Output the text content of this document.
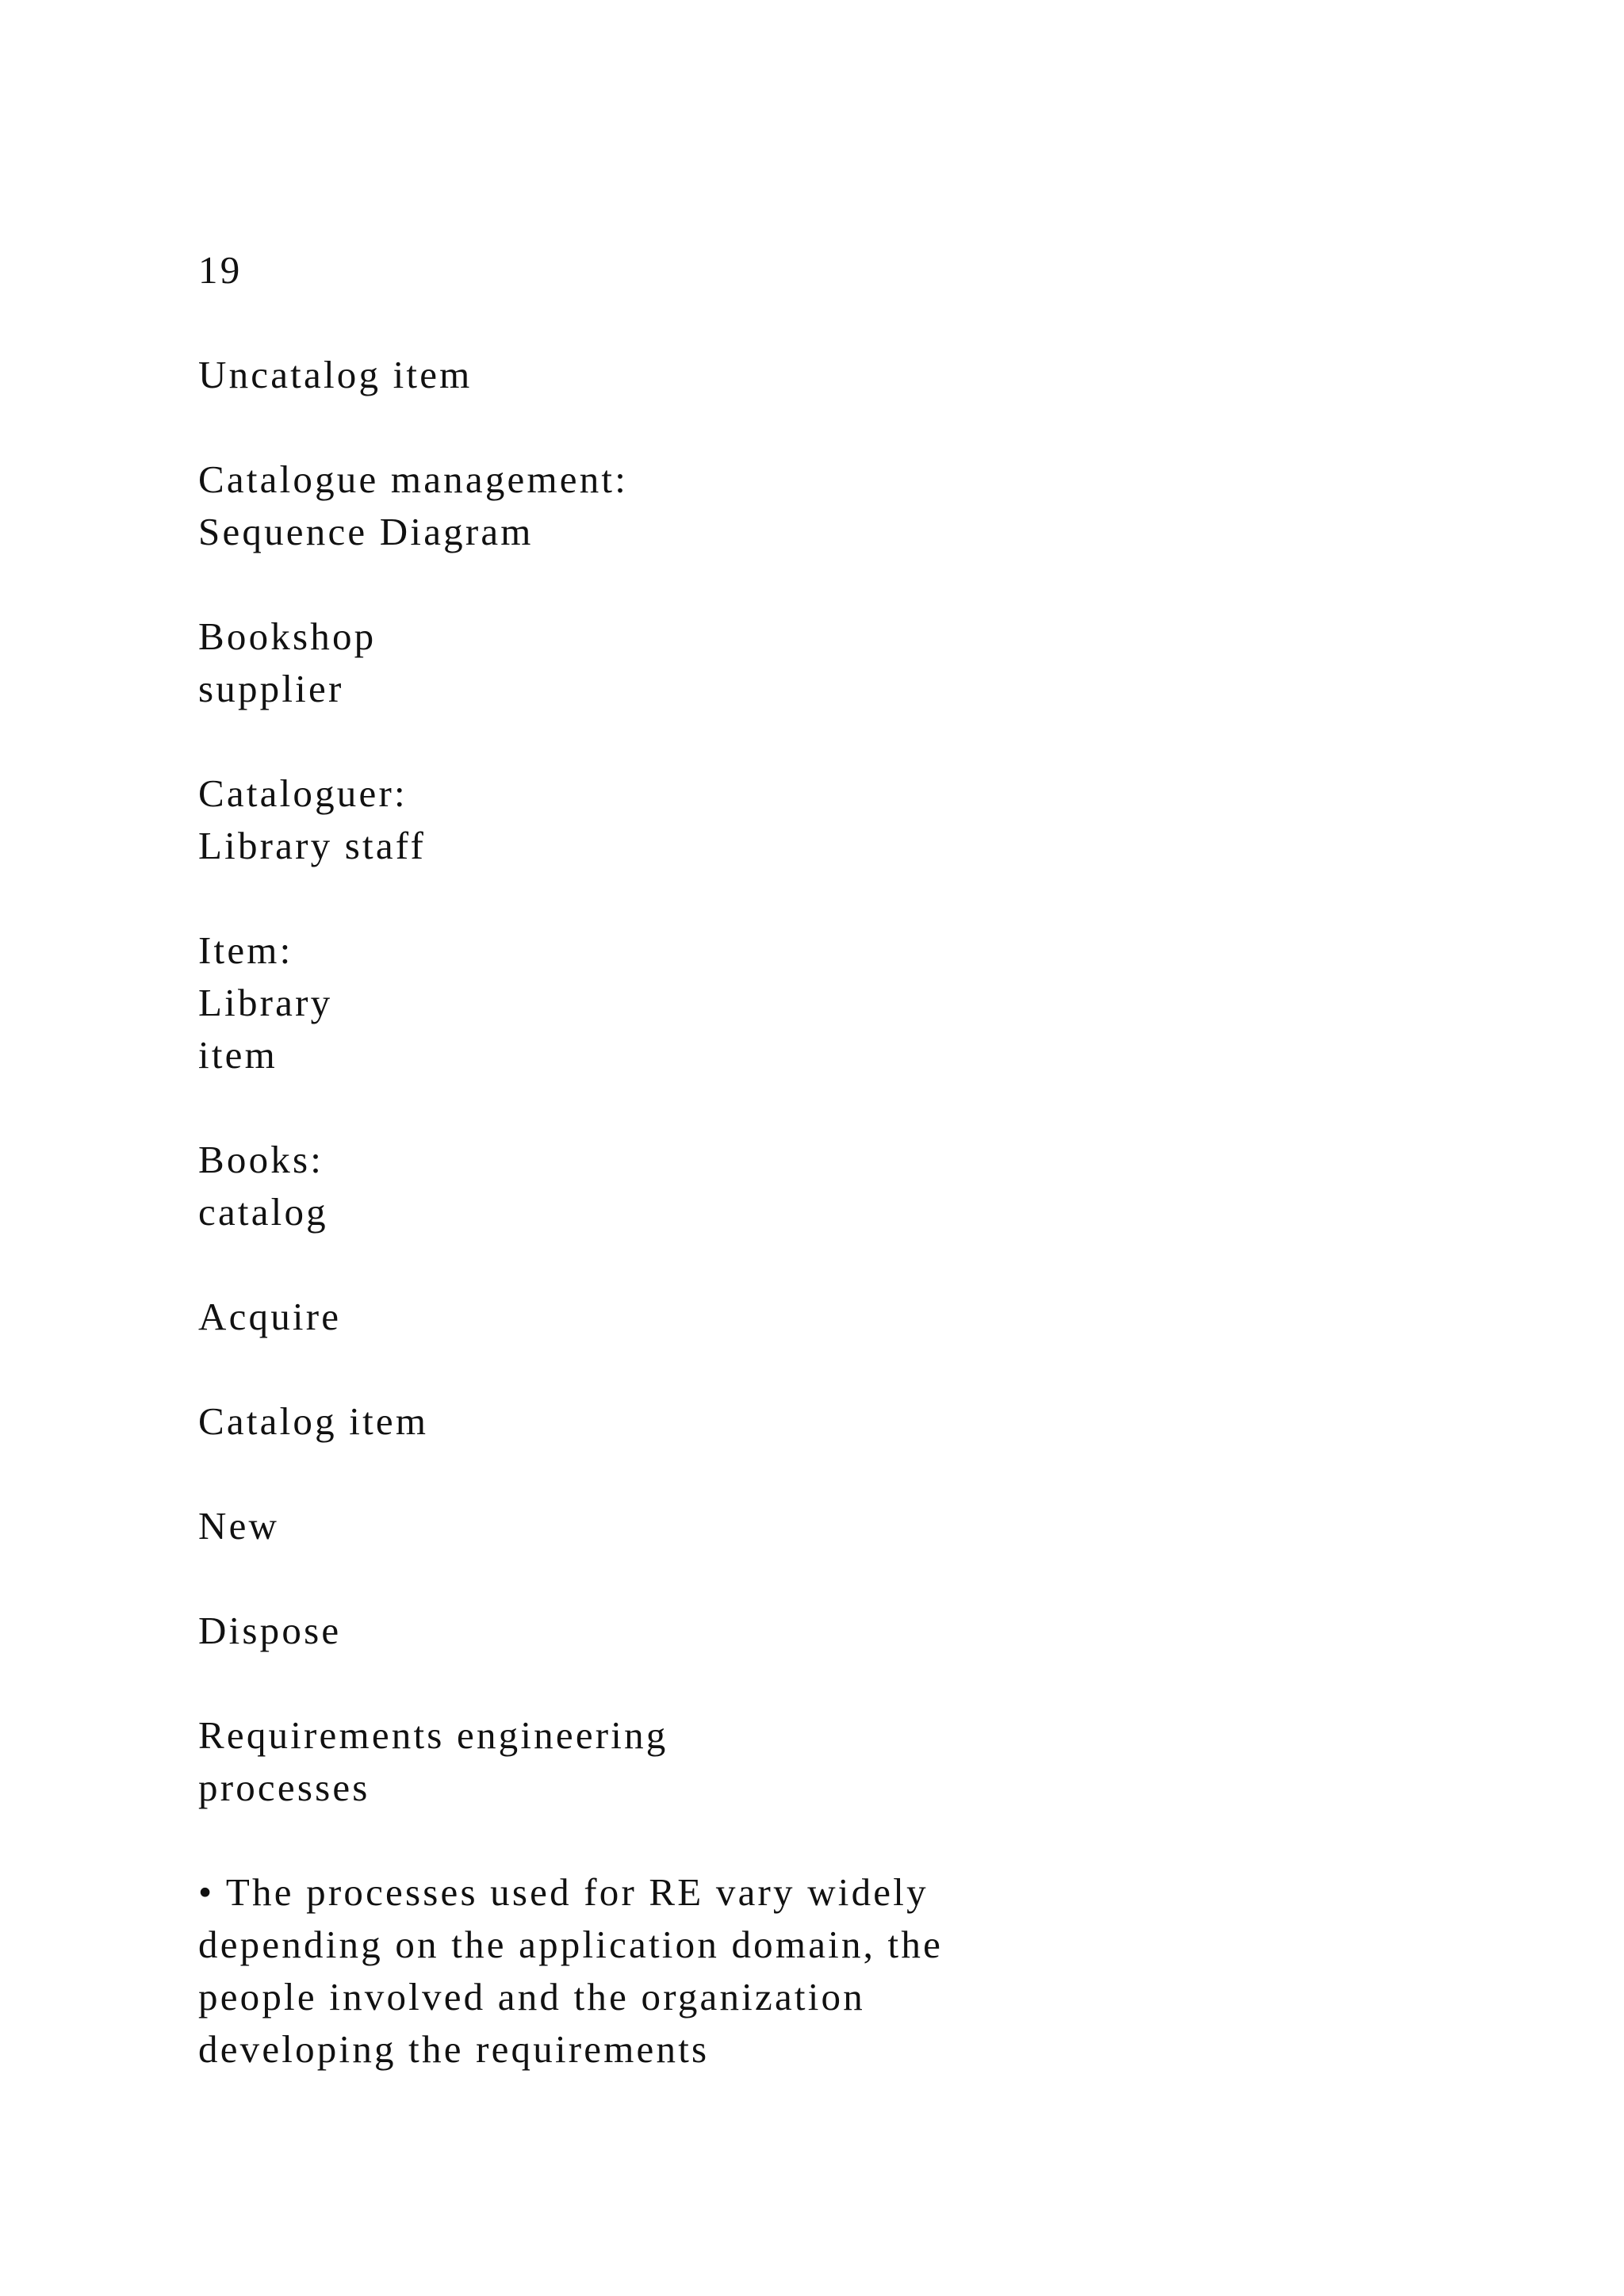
19
Uncatalog item
Catalogue management:
Sequence Diagram
Bookshop
supplier
Cataloguer:
Library staff
Item:
Library
item
Books:
catalog
Acquire
Catalog item
New
Dispose
Requirements engineering
processes
• The processes used for RE vary widely
depending on the application domain, the
people involved and the organization
developing the requirements
